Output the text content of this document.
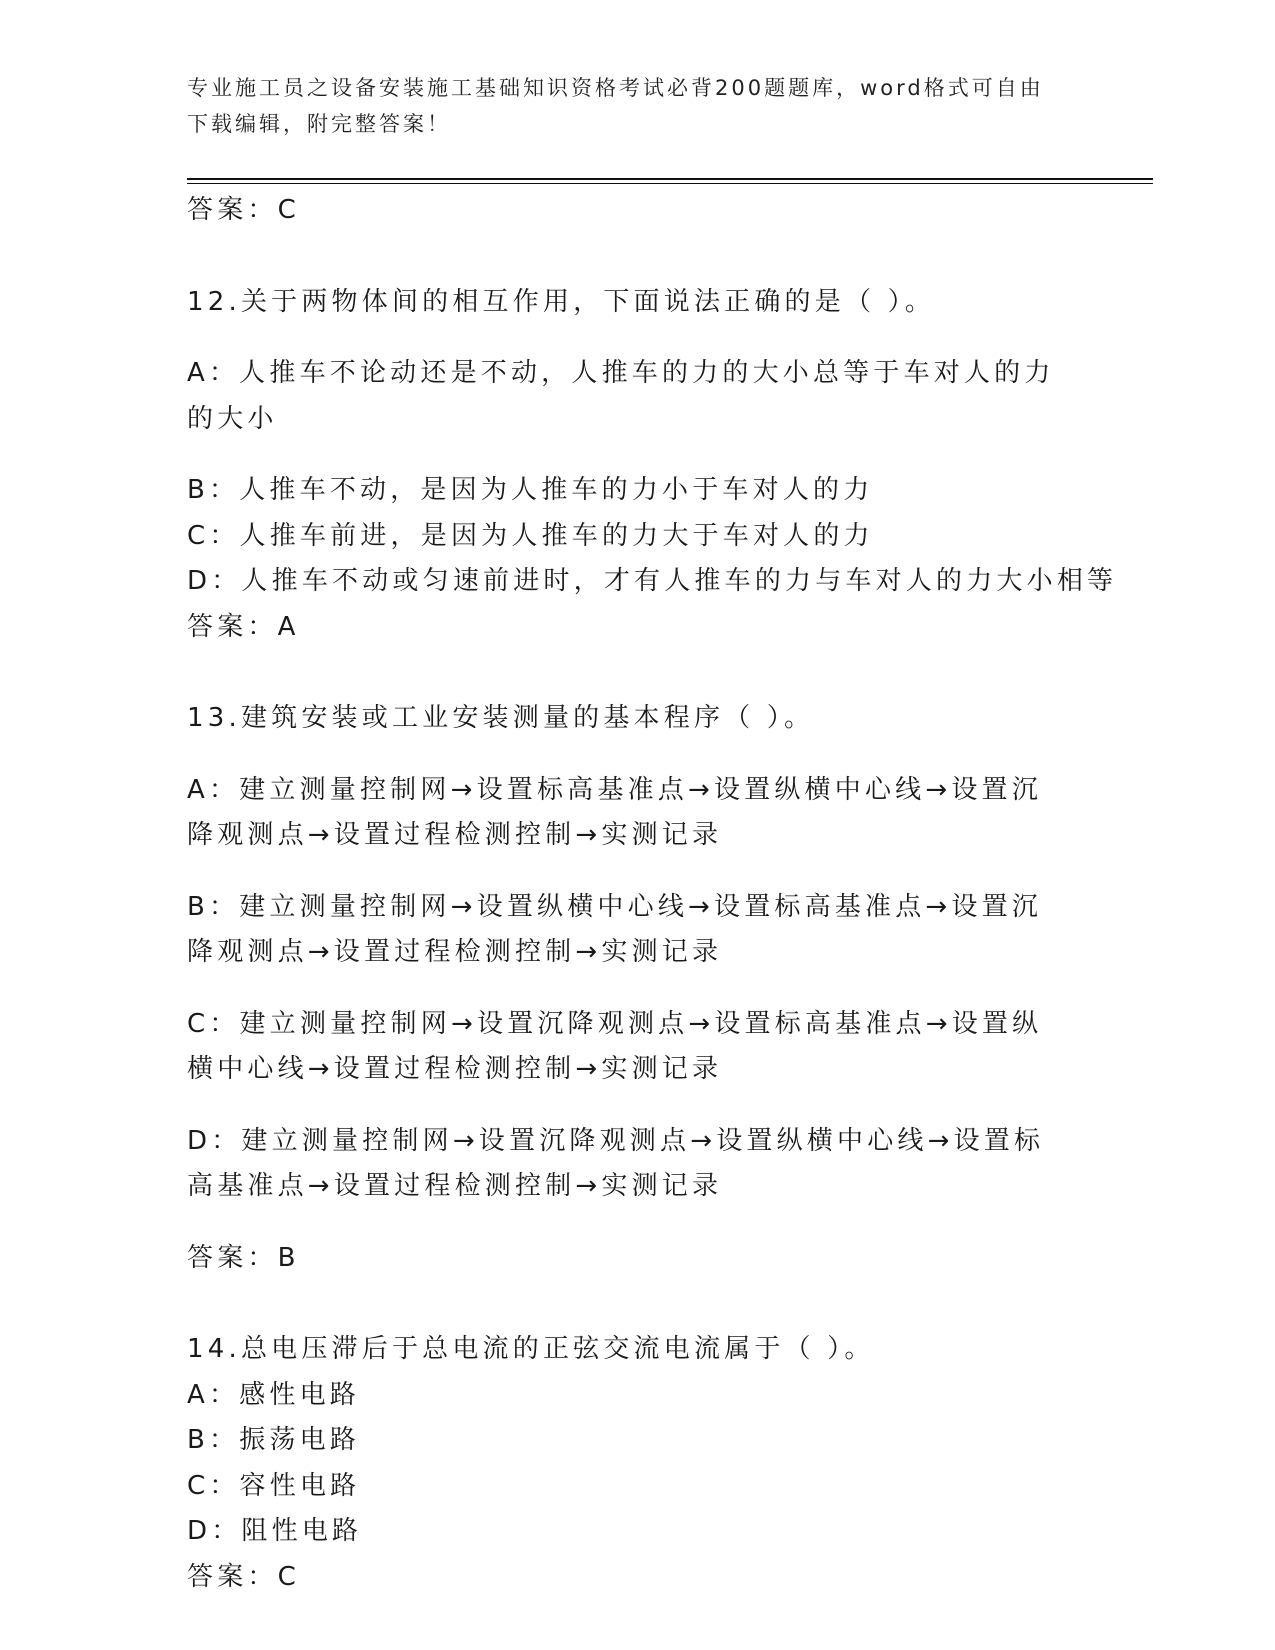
专业施工员之设备安装施工基础知识资格考试必背200题题库，word格式可自由
下载编辑，附完整答案！

答案：C

12.关于两物体间的相互作用，下面说法正确的是（ ）。

A：人推车不论动还是不动，人推车的力的大小总等于车对人的力的大小

B：人推车不动，是因为人推车的力小于车对人的力

C：人推车前进，是因为人推车的力大于车对人的力

D：人推车不动或匀速前进时，才有人推车的力与车对人的力大小相等

答案：A

13.建筑安装或工业安装测量的基本程序（ ）。

A：建立测量控制网→设置标高基准点→设置纵横中心线→设置沉降观测点→设置过程检测控制→实测记录

B：建立测量控制网→设置纵横中心线→设置标高基准点→设置沉降观测点→设置过程检测控制→实测记录

C：建立测量控制网→设置沉降观测点→设置标高基准点→设置纵横中心线→设置过程检测控制→实测记录

D：建立测量控制网→设置沉降观测点→设置纵横中心线→设置标高基准点→设置过程检测控制→实测记录

答案：B

14.总电压滞后于总电流的正弦交流电流属于（ ）。

A：感性电路

B：振荡电路

C：容性电路

D：阻性电路

答案：C
